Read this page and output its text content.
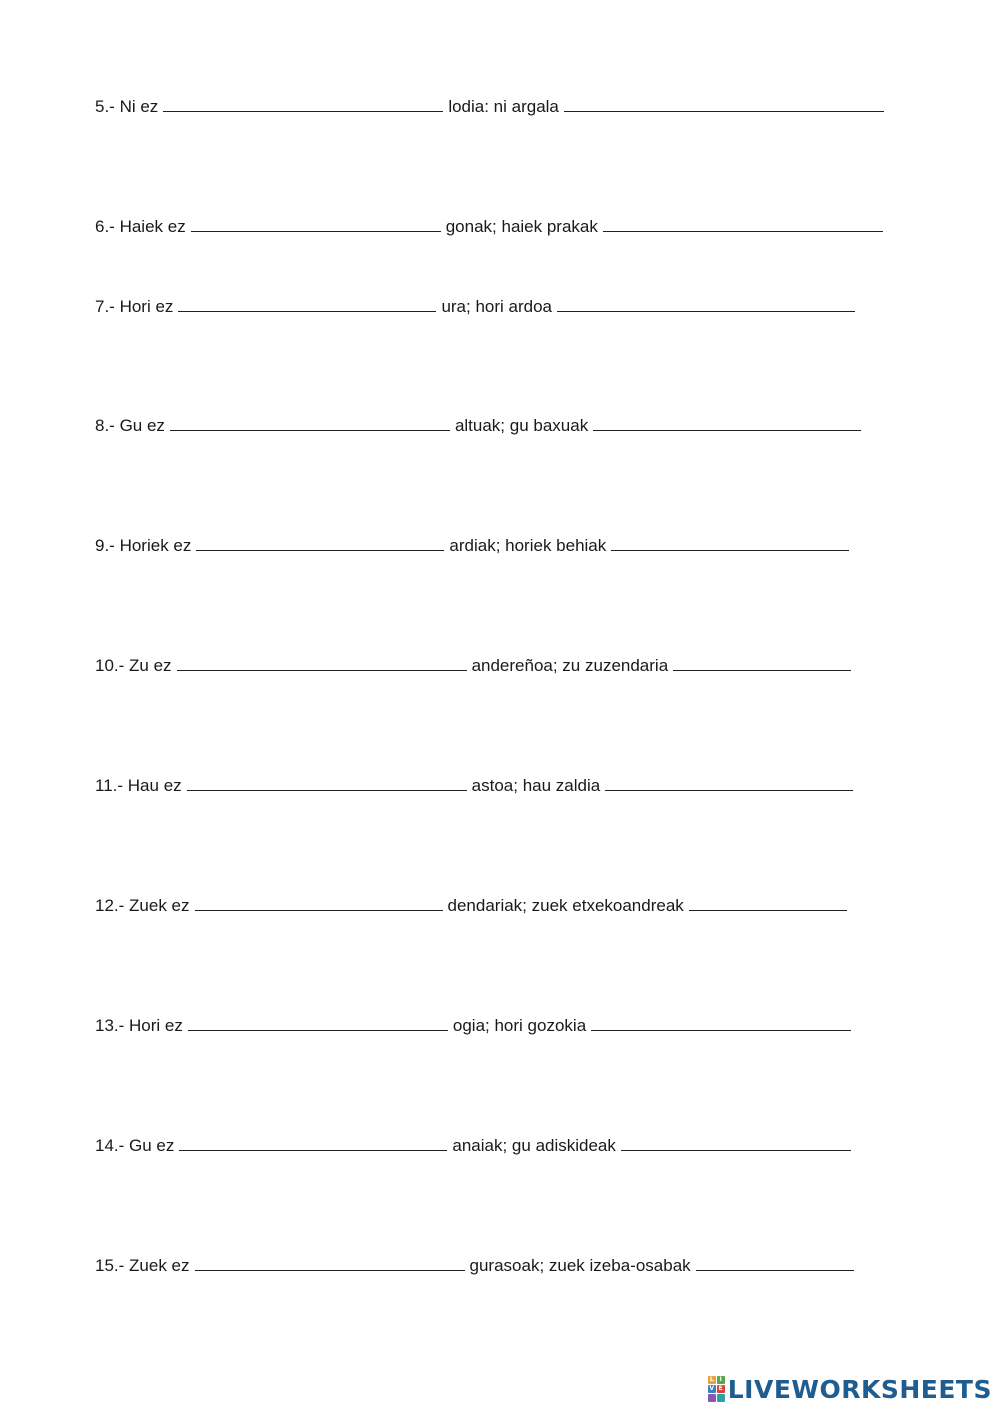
5.-
Ni ez	lodia: ni argala
6.-
Haiek ez	gonak; haiek prakak
7.-
Hori ez	ura; hori ardoa
8.-
Gu ez	altuak; gu baxuak
9.-
Horiek ez	ardiak; horiek behiak
10.-
Zu ez	andereñoa; zu zuzendaria
11.-
Hau ez	astoa; hau zaldia
12.-
Zuek ez	dendariak; zuek etxekoandreak
13.-
Hori ez	ogia; hori gozokia
14.-
Gu ez	anaiak; gu adiskideak
15.-
Zuek ez	gurasoak; zuek izeba-osabak
L I
V E LIVEWORKSHEETS
